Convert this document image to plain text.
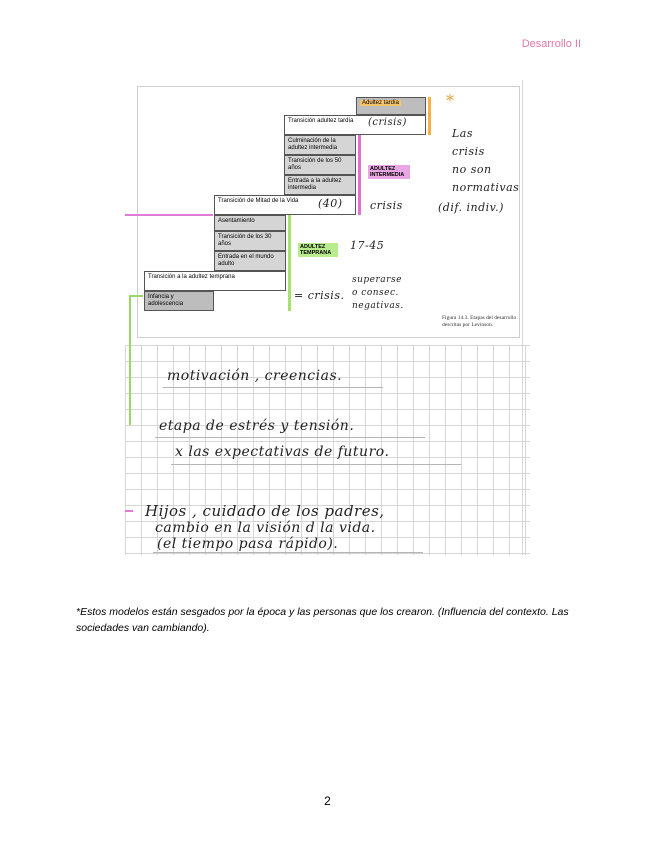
Desarrollo II
Adultez tardía
Transición adultez tardía
Culminación de la adultez intermedia
Transición de los 50 años
Entrada a la adultez intermedia
Transición de Mitad de la Vida
Asentamiento
Transición de los 30 años
Entrada en el mundo adulto
Transición a la adultez temprana
Infancia y adolescencia
ADULTEZ INTERMEDIA
ADULTEZ TEMPRANA
Figura 14.3. Etapas del desarrollo descritas por Levinson.
*
(crisis)
(40) crisis
Las
crisis
no son
normativas
(dif. indiv.)
17-45
= crisis.
superarse
o consec.
negativas.
motivación , creencias.
etapa de estrés y tensión.
x las expectativas de futuro.
Hijos , cuidado de los padres,
cambio en la visión d la vida.
(el tiempo pasa rápido).
*Estos modelos están sesgados por la época y las personas que los crearon. (Influencia del contexto. Las sociedades van cambiando).
2
